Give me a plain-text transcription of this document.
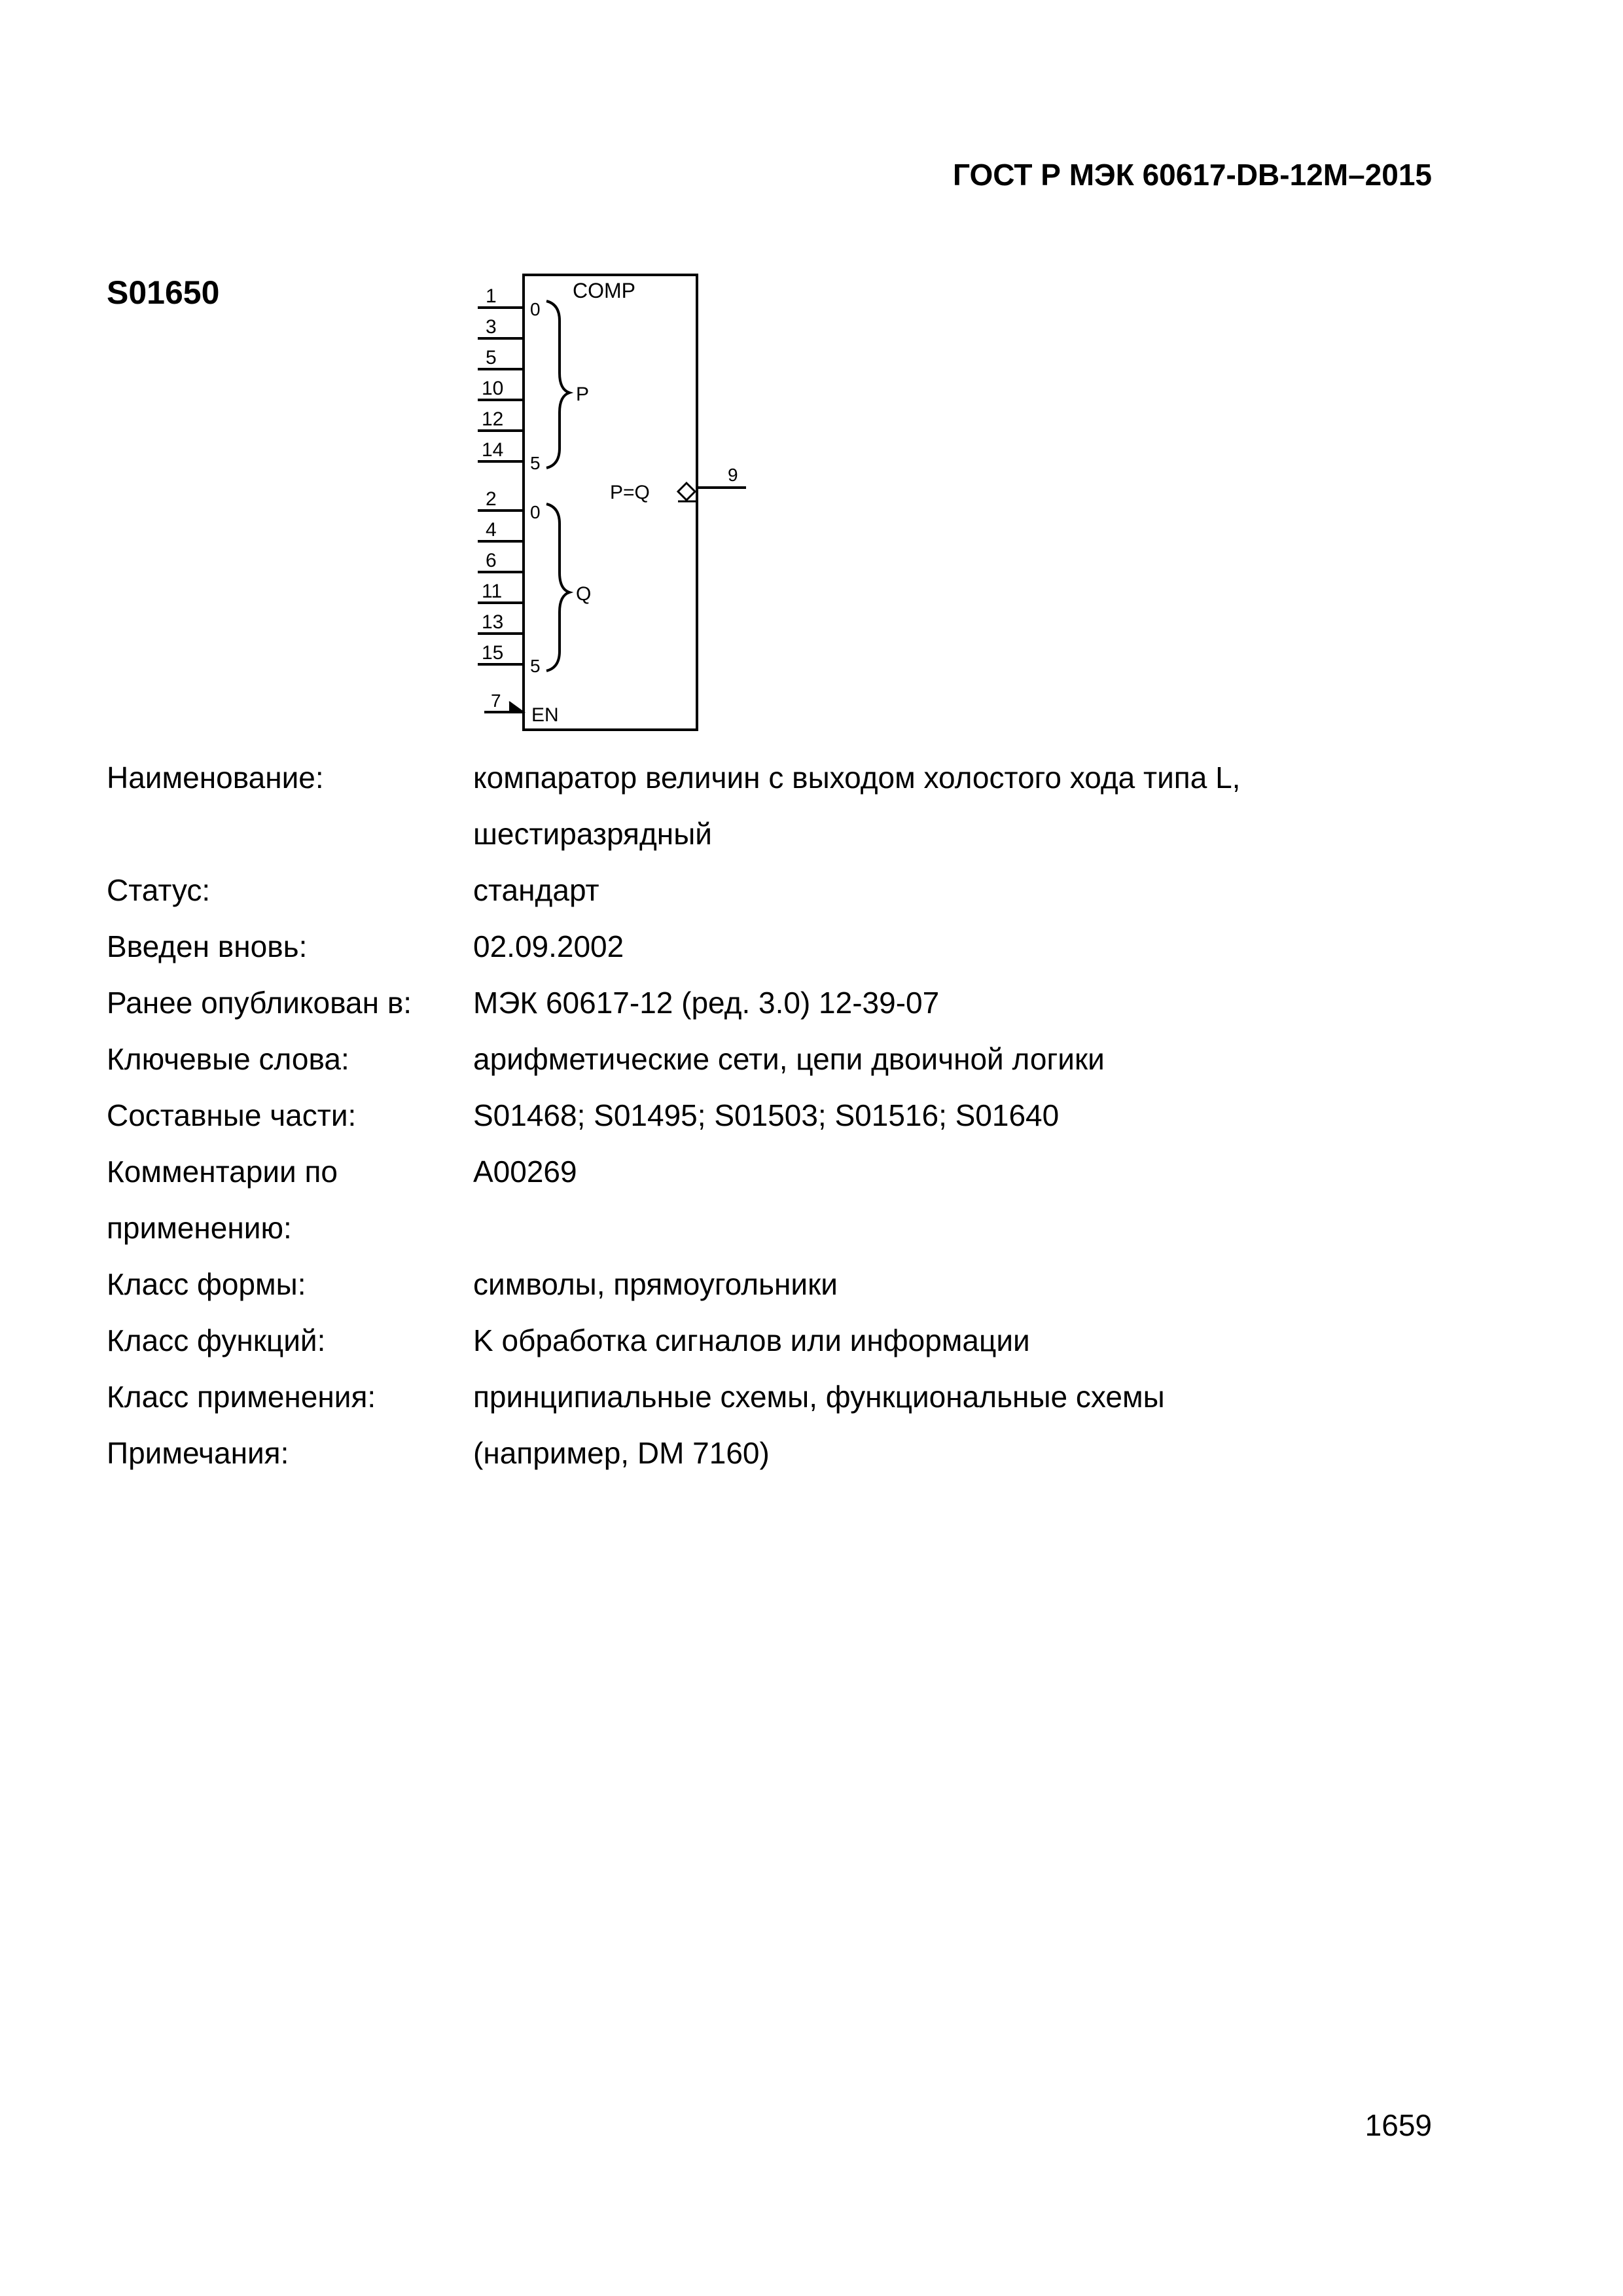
ГОСТ Р МЭК 60617-DB-12M–2015
S01650	COMP
1
3
5
10
12
14
0
5
P
2
4
6
11
13
15
0
5
Q
7
EN
P=Q
9
Наименование:	компаратор величин с выходом холостого хода типа L,
шестиразрядный
Статус:	стандарт
Введен вновь:	02.09.2002
Ранее опубликован в:	МЭК 60617-12 (ред. 3.0) 12-39-07
Ключевые слова:	арифметические сети, цепи двоичной логики
Составные части:	S01468; S01495; S01503; S01516; S01640
Комментарии по
применению:
A00269
Класс формы:	символы, прямоугольники
Класс функций:	K обработка сигналов или информации
Класс применения:	принципиальные схемы, функциональные схемы
Примечания:	(например, DM 7160)
1659
